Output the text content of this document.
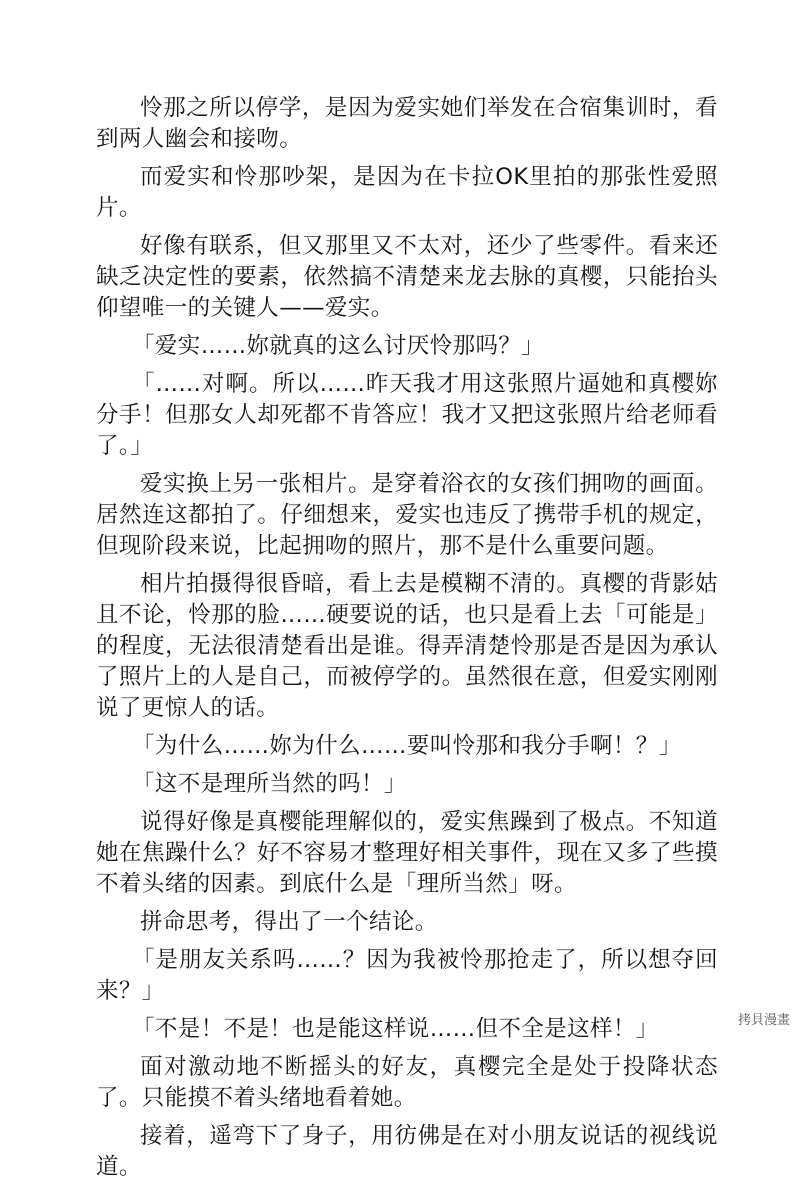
怜那之所以停学，是因为爱实她们举发在合宿集训时，看到两人幽会和接吻。

而爱实和怜那吵架，是因为在卡拉OK里拍的那张性爱照片。

好像有联系，但又那里又不太对，还少了些零件。看来还缺乏决定性的要素，依然搞不清楚来龙去脉的真樱，只能抬头仰望唯一的关键人——爱实。

「爱实……妳就真的这么讨厌怜那吗？」

「……对啊。所以……昨天我才用这张照片逼她和真樱妳分手！但那女人却死都不肯答应！我才又把这张照片给老师看了。」

爱实换上另一张相片。是穿着浴衣的女孩们拥吻的画面。居然连这都拍了。仔细想来，爱实也违反了携带手机的规定，但现阶段来说，比起拥吻的照片，那不是什么重要问题。

相片拍摄得很昏暗，看上去是模糊不清的。真樱的背影姑且不论，怜那的脸……硬要说的话，也只是看上去「可能是」的程度，无法很清楚看出是谁。得弄清楚怜那是否是因为承认了照片上的人是自己，而被停学的。虽然很在意，但爱实刚刚说了更惊人的话。

「为什么……妳为什么……要叫怜那和我分手啊！？」

「这不是理所当然的吗！」

说得好像是真樱能理解似的，爱实焦躁到了极点。不知道她在焦躁什么？好不容易才整理好相关事件，现在又多了些摸不着头绪的因素。到底什么是「理所当然」呀。

拼命思考，得出了一个结论。

「是朋友关系吗……？因为我被怜那抢走了，所以想夺回来？」

「不是！不是！也是能这样说……但不全是这样！」

面对激动地不断摇头的好友，真樱完全是处于投降状态了。只能摸不着头绪地看着她。

接着，遥弯下了身子，用彷佛是在对小朋友说话的视线说道。

拷貝漫畫
